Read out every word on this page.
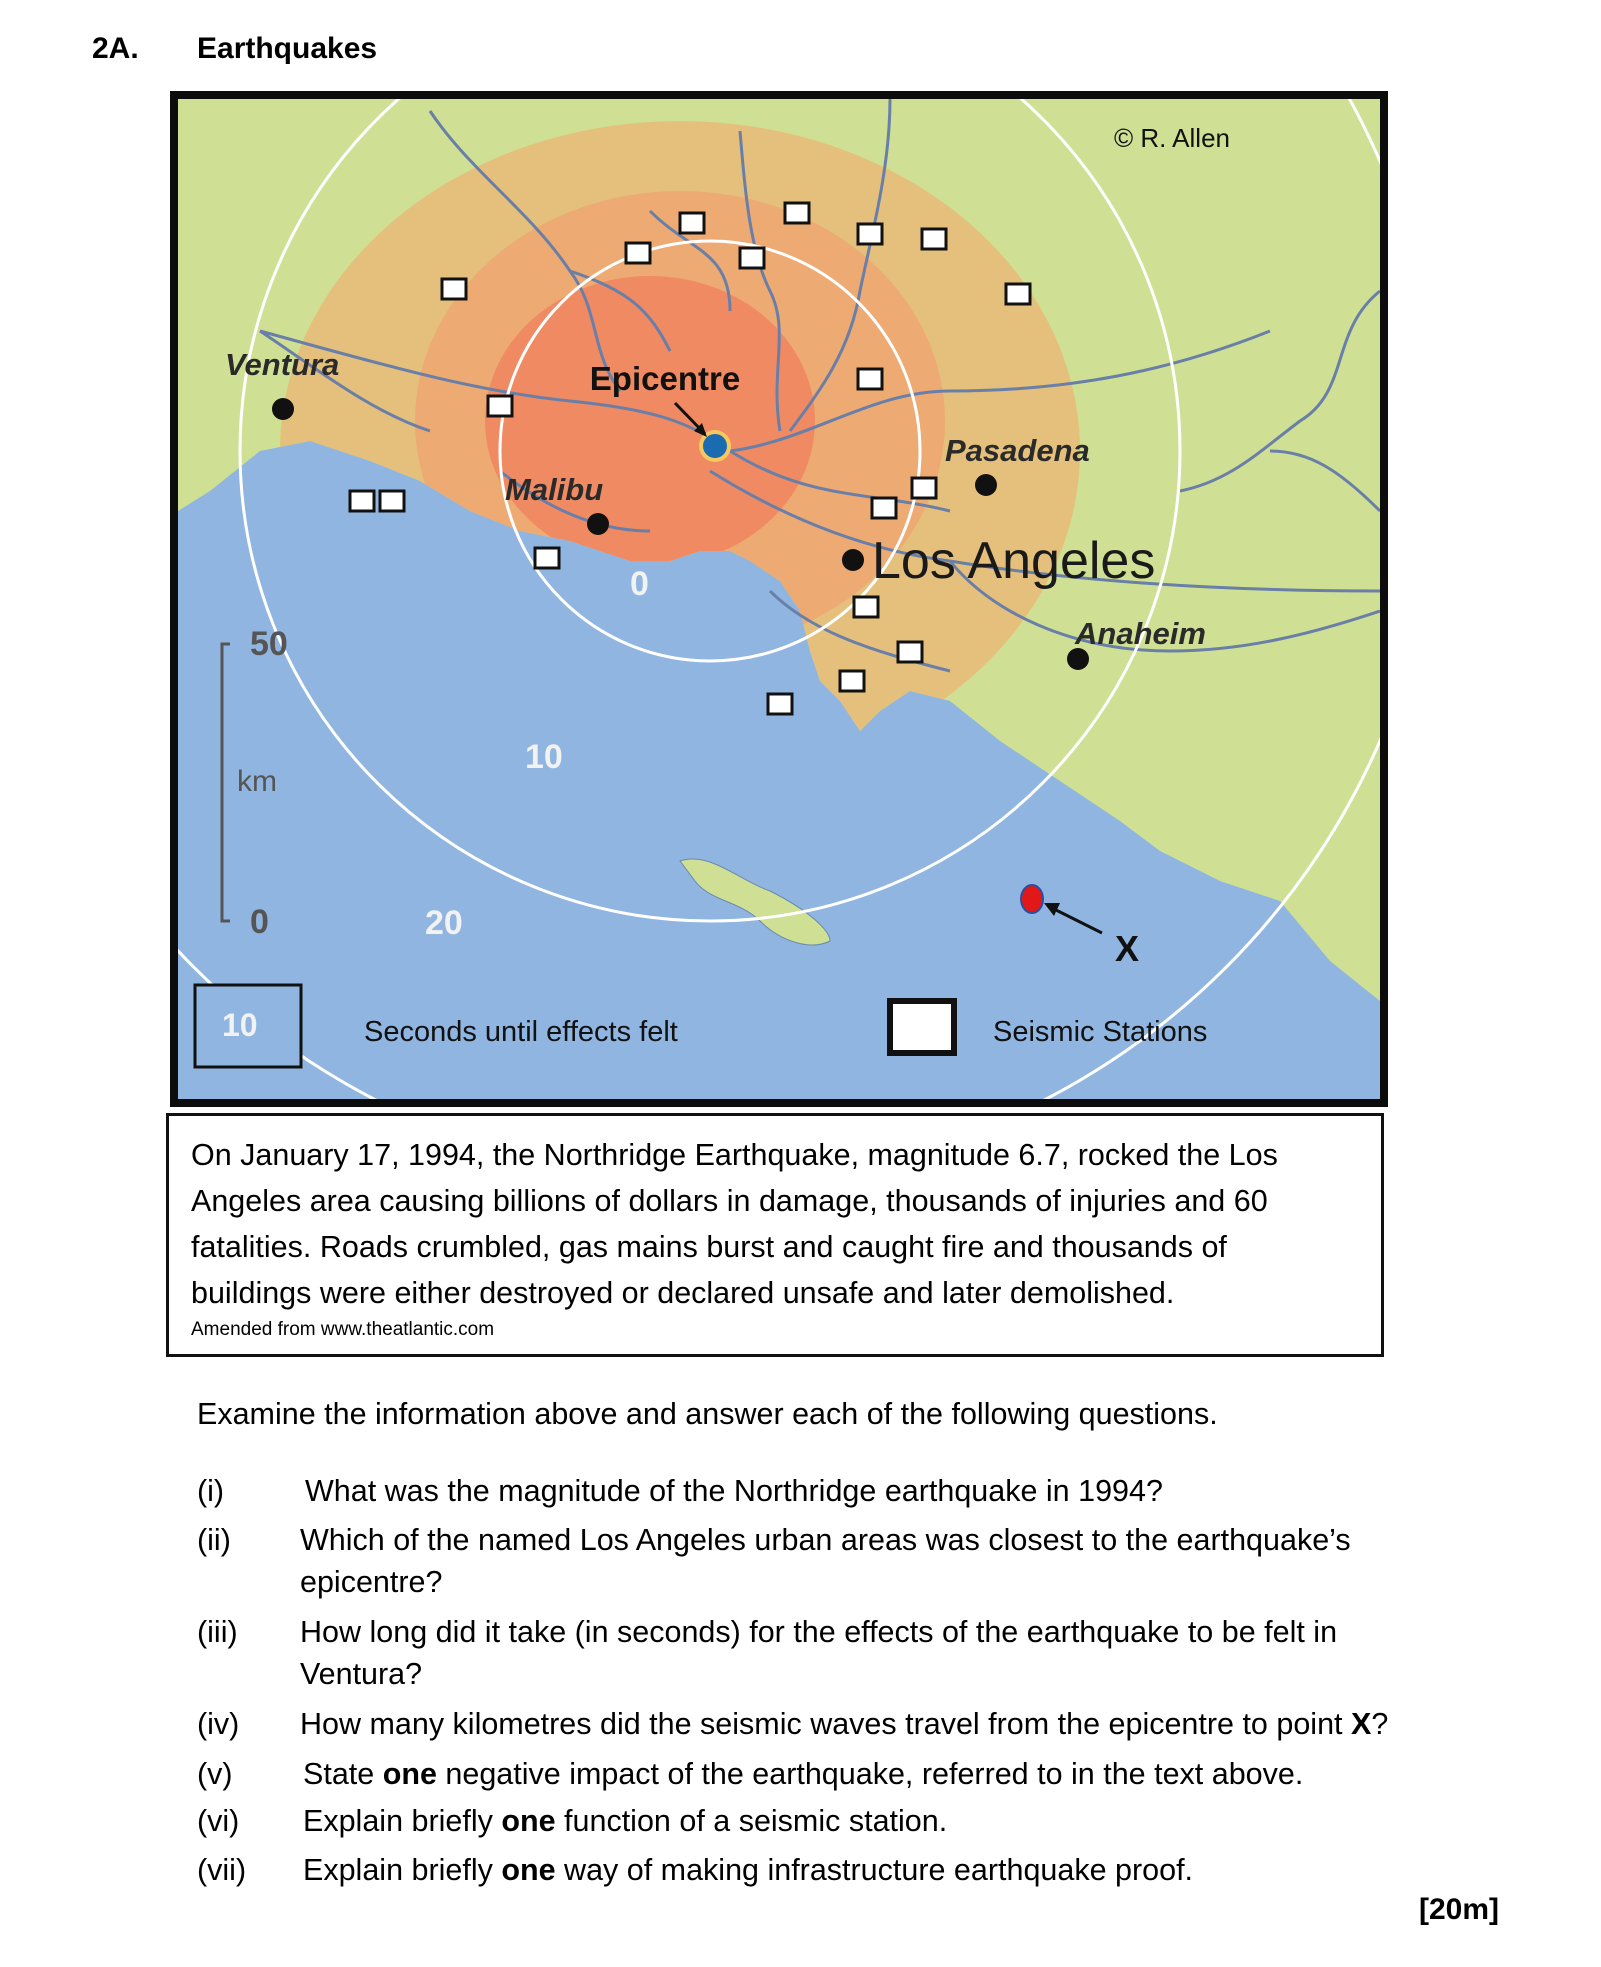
2A. Earthquakes
© R. Allen
Epicentre
Ventura
Malibu
Pasadena
Anaheim
Los Angeles
0
10
20
50
km
0
X
10	Seconds until effects felt	Seismic Stations

On January 17, 1994, the Northridge Earthquake, magnitude 6.7, rocked the Los

Angeles area causing billions of dollars in damage, thousands of injuries and 60

fatalities. Roads crumbled, gas mains burst and caught fire and thousands of

buildings were either destroyed or declared unsafe and later demolished.

Amended from www.theatlantic.com

Examine the information above and answer each of the following questions.
(i)	What was the magnitude of the Northridge earthquake in 1994?
(ii) Which of the named Los Angeles urban areas was closest to the earthquake’s
epicentre?
(iii) How long did it take (in seconds) for the effects of the earthquake to be felt in
Ventura?
(iv) How many kilometres did the seismic waves travel from the epicentre to point X?
(v) State one negative impact of the earthquake, referred to in the text above.
(vi) Explain briefly one function of a seismic station.
(vii) Explain briefly one way of making infrastructure earthquake proof.
[20m]
